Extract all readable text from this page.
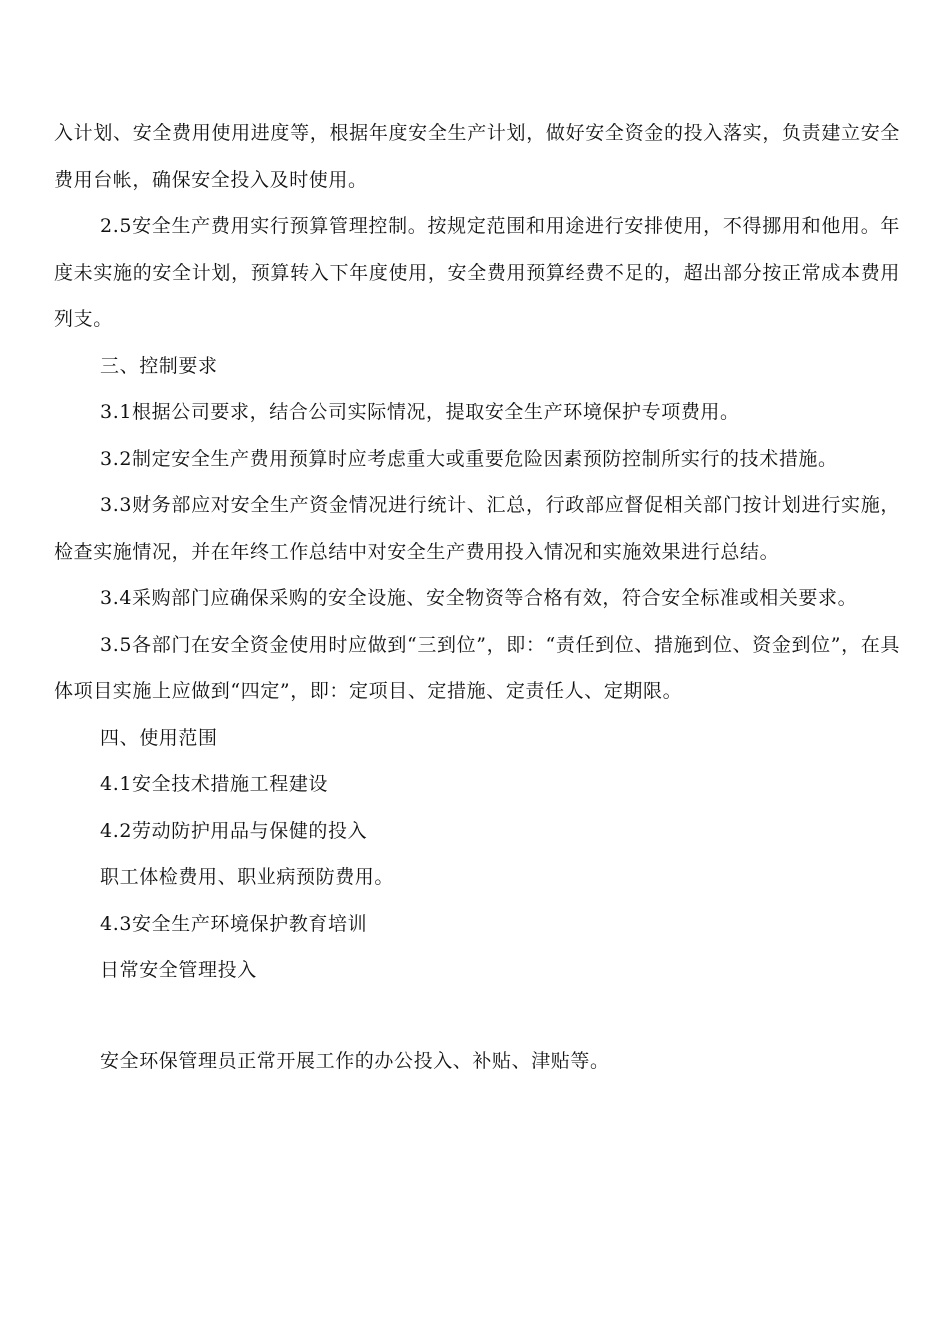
入计划、安全费用使用进度等，根据年度安全生产计划，做好安全资金的投入落实，负责建立安全费用台帐，确保安全投入及时使用。

2.5安全生产费用实行预算管理控制。按规定范围和用途进行安排使用，不得挪用和他用。年度未实施的安全计划，预算转入下年度使用，安全费用预算经费不足的，超出部分按正常成本费用列支。

三、控制要求

3.1根据公司要求，结合公司实际情况，提取安全生产环境保护专项费用。

3.2制定安全生产费用预算时应考虑重大或重要危险因素预防控制所实行的技术措施。

3.3财务部应对安全生产资金情况进行统计、汇总，行政部应督促相关部门按计划进行实施，检查实施情况，并在年终工作总结中对安全生产费用投入情况和实施效果进行总结。

3.4采购部门应确保采购的安全设施、安全物资等合格有效，符合安全标准或相关要求。

3.5各部门在安全资金使用时应做到“三到位”，即：“责任到位、措施到位、资金到位”，在具体项目实施上应做到“四定”，即：定项目、定措施、定责任人、定期限。

四、使用范围

4.1安全技术措施工程建设

4.2劳动防护用品与保健的投入

职工体检费用、职业病预防费用。

4.3安全生产环境保护教育培训

日常安全管理投入

安全环保管理员正常开展工作的办公投入、补贴、津贴等。
